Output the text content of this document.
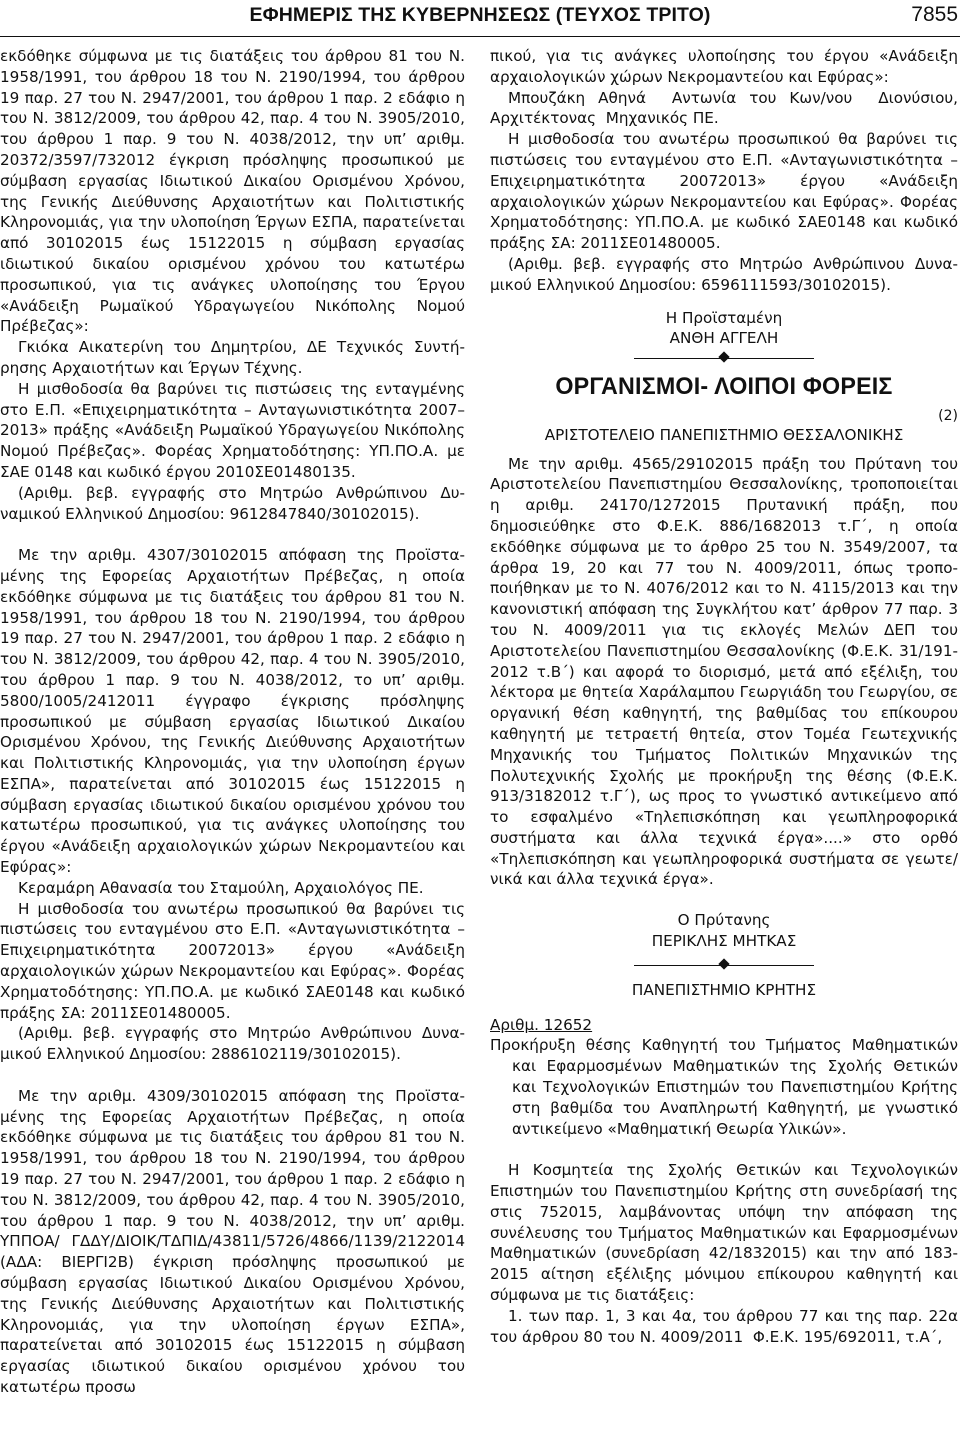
ΕΦΗΜΕΡΙΣ ΤΗΣ ΚΥΒΕΡΝΗΣΕΩΣ (ΤΕΥΧΟΣ ΤΡΙΤΟ)	7855

εκδόθηκε σύμφωνα με τις διατάξεις του άρθρου 81 του Ν. 1958/1991, του άρθρου 18 του Ν. 2190/1994, του άρθρου 19 παρ. 27 του Ν. 2947/2001, του άρθρου 1 παρ. 2 εδάφιο η του Ν. 3812/2009, του άρθρου 42, παρ. 4 του Ν. 3905/2010, του άρθρου 1 παρ. 9 του Ν. 4038/2012, την υπ’ αριθμ. 20372/3597/732012 έγκριση πρόσληψης προσωπικού με σύμβαση εργασίας Ιδιωτικού Δικαίου Ορισμένου Χρόνου, της Γενικής Διεύθυνσης Αρχαιοτήτων και Πολιτιστικής Κληρονομιάς, για την υλοποίηση Έργων ΕΣΠΑ, παρατείνεται από 30102015 έως 15122015 η σύμβαση εργασίας ιδιωτικού δικαίου ορισμένου χρόνου του κατωτέρω προσωπικού, για τις ανάγκες υλοποίησης του Έργου «Ανάδειξη Ρωμαϊκού Υδραγωγείου Νικόπολης Νομού Πρέβεζας»:

Γκιόκα Αικατερίνη του Δημητρίου, ΔΕ Τεχνικός Συντήρησης Αρχαιοτήτων και Έργων Τέχνης.

Η μισθοδοσία θα βαρύνει τις πιστώσεις της ενταγμένης στο Ε.Π. «Επιχειρηματικότητα – Ανταγωνιστικότητα 2007–2013» πράξης «Ανάδειξη Ρωμαϊκού Υδραγωγείου Νικόπολης Νομού Πρέβεζας». Φορέας Χρηματοδότησης: ΥΠ.ΠΟ.Α. με ΣΑΕ 0148 και κωδικό έργου 2010ΣΕ01480135.

(Αριθμ. βεβ. εγγραφής στο Μητρώο Ανθρώπινου Δυναμικού Ελληνικού Δημοσίου: 9612847840/30102015).

Με την αριθμ. 4307/30102015 απόφαση της Προϊσταμένης της Εφορείας Αρχαιοτήτων Πρέβεζας, η οποία εκδόθηκε σύμφωνα με τις διατάξεις του άρθρου 81 του Ν. 1958/1991, του άρθρου 18 του Ν. 2190/1994, του άρθρου 19 παρ. 27 του Ν. 2947/2001, του άρθρου 1 παρ. 2 εδάφιο η του Ν. 3812/2009, του άρθρου 42, παρ. 4 του Ν. 3905/2010, του άρθρου 1 παρ. 9 του Ν. 4038/2012, το υπ’ αριθμ. 5800/1005/2412011 έγγραφο έγκρισης πρόσληψης προσωπικού με σύμβαση εργασίας Ιδιωτικού Δικαίου Ορισμένου Χρόνου, της Γενικής Διεύθυνσης Αρχαιοτήτων και Πολιτιστικής Κληρονομιάς, για την υλοποίηση έργων ΕΣΠΑ», παρατείνεται από 30102015 έως 15122015 η σύμβαση εργασίας ιδιωτικού δικαίου ορισμένου χρόνου του κατωτέρω προσωπικού, για τις ανάγκες υλοποίησης του έργου «Ανάδειξη αρχαιολογικών χώρων Νεκρομαντείου και Εφύρας»:

Κεραμάρη Αθανασία του Σταμούλη, Αρχαιολόγος ΠΕ.

Η μισθοδοσία του ανωτέρω προσωπικού θα βαρύνει τις πιστώσεις του ενταγμένου στο Ε.Π. «Ανταγωνιστικότητα – Επιχειρηματικότητα 20072013» έργου «Ανάδειξη αρχαιολογικών χώρων Νεκρομαντείου και Εφύρας». Φορέας Χρηματοδότησης: ΥΠ.ΠΟ.Α. με κωδικό ΣΑΕ0148 και κωδικό πράξης ΣΑ: 2011ΣΕ01480005.

(Αριθμ. βεβ. εγγραφής στο Μητρώο Ανθρώπινου Δυναμικού Ελληνικού Δημοσίου: 2886102119/30102015).

Με την αριθμ. 4309/30102015 απόφαση της Προϊσταμένης της Εφορείας Αρχαιοτήτων Πρέβεζας, η οποία εκδόθηκε σύμφωνα με τις διατάξεις του άρθρου 81 του Ν. 1958/1991, του άρθρου 18 του Ν. 2190/1994, του άρθρου 19 παρ. 27 του Ν. 2947/2001, του άρθρου 1 παρ. 2 εδάφιο η του Ν. 3812/2009, του άρθρου 42, παρ. 4 του Ν. 3905/2010, του άρθρου 1 παρ. 9 του Ν. 4038/2012, την υπ’ αριθμ. ΥΠΠΟΑ/ ΓΔΔΥ/ΔΙΟΙΚ/ΤΔΠΙΔ/43811/5726/4866/1139/2122014 (ΑΔΑ: ΒΙΕΡΓΙ2Β) έγκριση πρόσληψης προσωπικού με σύμβαση εργασίας Ιδιωτικού Δικαίου Ορισμένου Χρόνου, της Γενικής Διεύθυνσης Αρχαιοτήτων και Πολιτιστικής Κληρονομιάς, για την υλοποίηση έργων ΕΣΠΑ», παρατείνεται από 30102015 έως 15122015 η σύμβαση εργασίας ιδιωτικού δικαίου ορισμένου χρόνου του κατωτέρω προσω

πικού, για τις ανάγκες υλοποίησης του έργου «Ανάδειξη αρχαιολογικών χώρων Νεκρομαντείου και Εφύρας»:

Μπουζάκη Αθηνά Αντωνία του Κων/νου Διονύσιου, Αρχιτέκτονας Μηχανικός ΠΕ.

Η μισθοδοσία του ανωτέρω προσωπικού θα βαρύνει τις πιστώσεις του ενταγμένου στο Ε.Π. «Ανταγωνιστικότητα – Επιχειρηματικότητα 20072013» έργου «Ανάδειξη αρχαιολογικών χώρων Νεκρομαντείου και Εφύρας». Φορέας Χρηματοδότησης: ΥΠ.ΠΟ.Α. με κωδικό ΣΑΕ0148 και κωδικό πράξης ΣΑ: 2011ΣΕ01480005.

(Αριθμ. βεβ. εγγραφής στο Μητρώο Ανθρώπινου Δυναμικού Ελληνικού Δημοσίου: 6596111593/30102015).

Η Προϊσταμένη

ΑΝΘΗ ΑΓΓΕΛΗ

ΟΡΓΑΝΙΣΜΟΙ- ΛΟΙΠΟΙ ΦΟΡΕΙΣ

(2)

ΑΡΙΣΤΟΤΕΛΕΙΟ ΠΑΝΕΠΙΣΤΗΜΙΟ ΘΕΣΣΑΛΟΝΙΚΗΣ

Με την αριθμ. 4565/29102015 πράξη του Πρύτανη του Αριστοτελείου Πανεπιστημίου Θεσσαλονίκης, τροποποιείται η αριθμ. 24170/1272015 Πρυτανική πράξη, που δημοσιεύθηκε στο Φ.Ε.Κ. 886/1682013 τ.Γ΄, η οποία εκδόθηκε σύμφωνα με το άρθρο 25 του Ν. 3549/2007, τα άρθρα 19, 20 και 77 του Ν. 4009/2011, όπως τροποποιήθηκαν με το Ν. 4076/2012 και το Ν. 4115/2013 και την κανονιστική απόφαση της Συγκλήτου κατ’ άρθρον 77 παρ. 3 του Ν. 4009/2011 για τις εκλογές Μελών ΔΕΠ του Αριστοτελείου Πανεπιστημίου Θεσσαλονίκης (Φ.Ε.Κ. 31/1912012 τ.Β΄) και αφορά το διορισμό, μετά από εξέλιξη, του λέκτορα με θητεία Χαράλαμπου Γεωργιάδη του Γεωργίου, σε οργανική θέση καθηγητή, της βαθμίδας του επίκουρου καθηγητή με τετραετή θητεία, στον Τομέα Γεωτεχνικής Μηχανικής του Τμήματος Πολιτικών Μηχανικών της Πολυτεχνικής Σχολής με προκήρυξη της θέσης (Φ.Ε.Κ. 913/3182012 τ.Γ΄), ως προς το γνωστικό αντικείμενο από το εσφαλμένο «Τηλεπισκόπηση και γεωπληροφορικά συστήματα και άλλα τεχνικά έργα»....» στο ορθό «Τηλεπισκόπηση και γεωπληροφορικά συστήματα σε γεωτε/νικά και άλλα τεχνικά έργα».

Ο Πρύτανης

ΠΕΡΙΚΛΗΣ ΜΗΤΚΑΣ

ΠΑΝΕΠΙΣΤΗΜΙΟ ΚΡΗΤΗΣ

Αριθμ. 12652

Προκήρυξη θέσης Καθηγητή του Τμήματος Μαθηματικών και Εφαρμοσμένων Μαθηματικών της Σχολής Θετικών και Τεχνολογικών Επιστημών του Πανεπιστημίου Κρήτης στη βαθμίδα του Αναπληρωτή Καθηγητή, με γνωστικό αντικείμενο «Μαθηματική Θεωρία Υλικών».

Η Κοσμητεία της Σχολής Θετικών και Τεχνολογικών Επιστημών του Πανεπιστημίου Κρήτης στη συνεδρίασή της στις 752015, λαμβάνοντας υπόψη την απόφαση της συνέλευσης του Τμήματος Μαθηματικών και Εφαρμοσμένων Μαθηματικών (συνεδρίαση 42/1832015) και την από 1832015 αίτηση εξέλιξης μόνιμου επίκουρου καθηγητή και σύμφωνα με τις διατάξεις:

1. των παρ. 1, 3 και 4α, του άρθρου 77 και της παρ. 22α του άρθρου 80 του Ν. 4009/2011 Φ.Ε.Κ. 195/692011, τ.Α΄,
